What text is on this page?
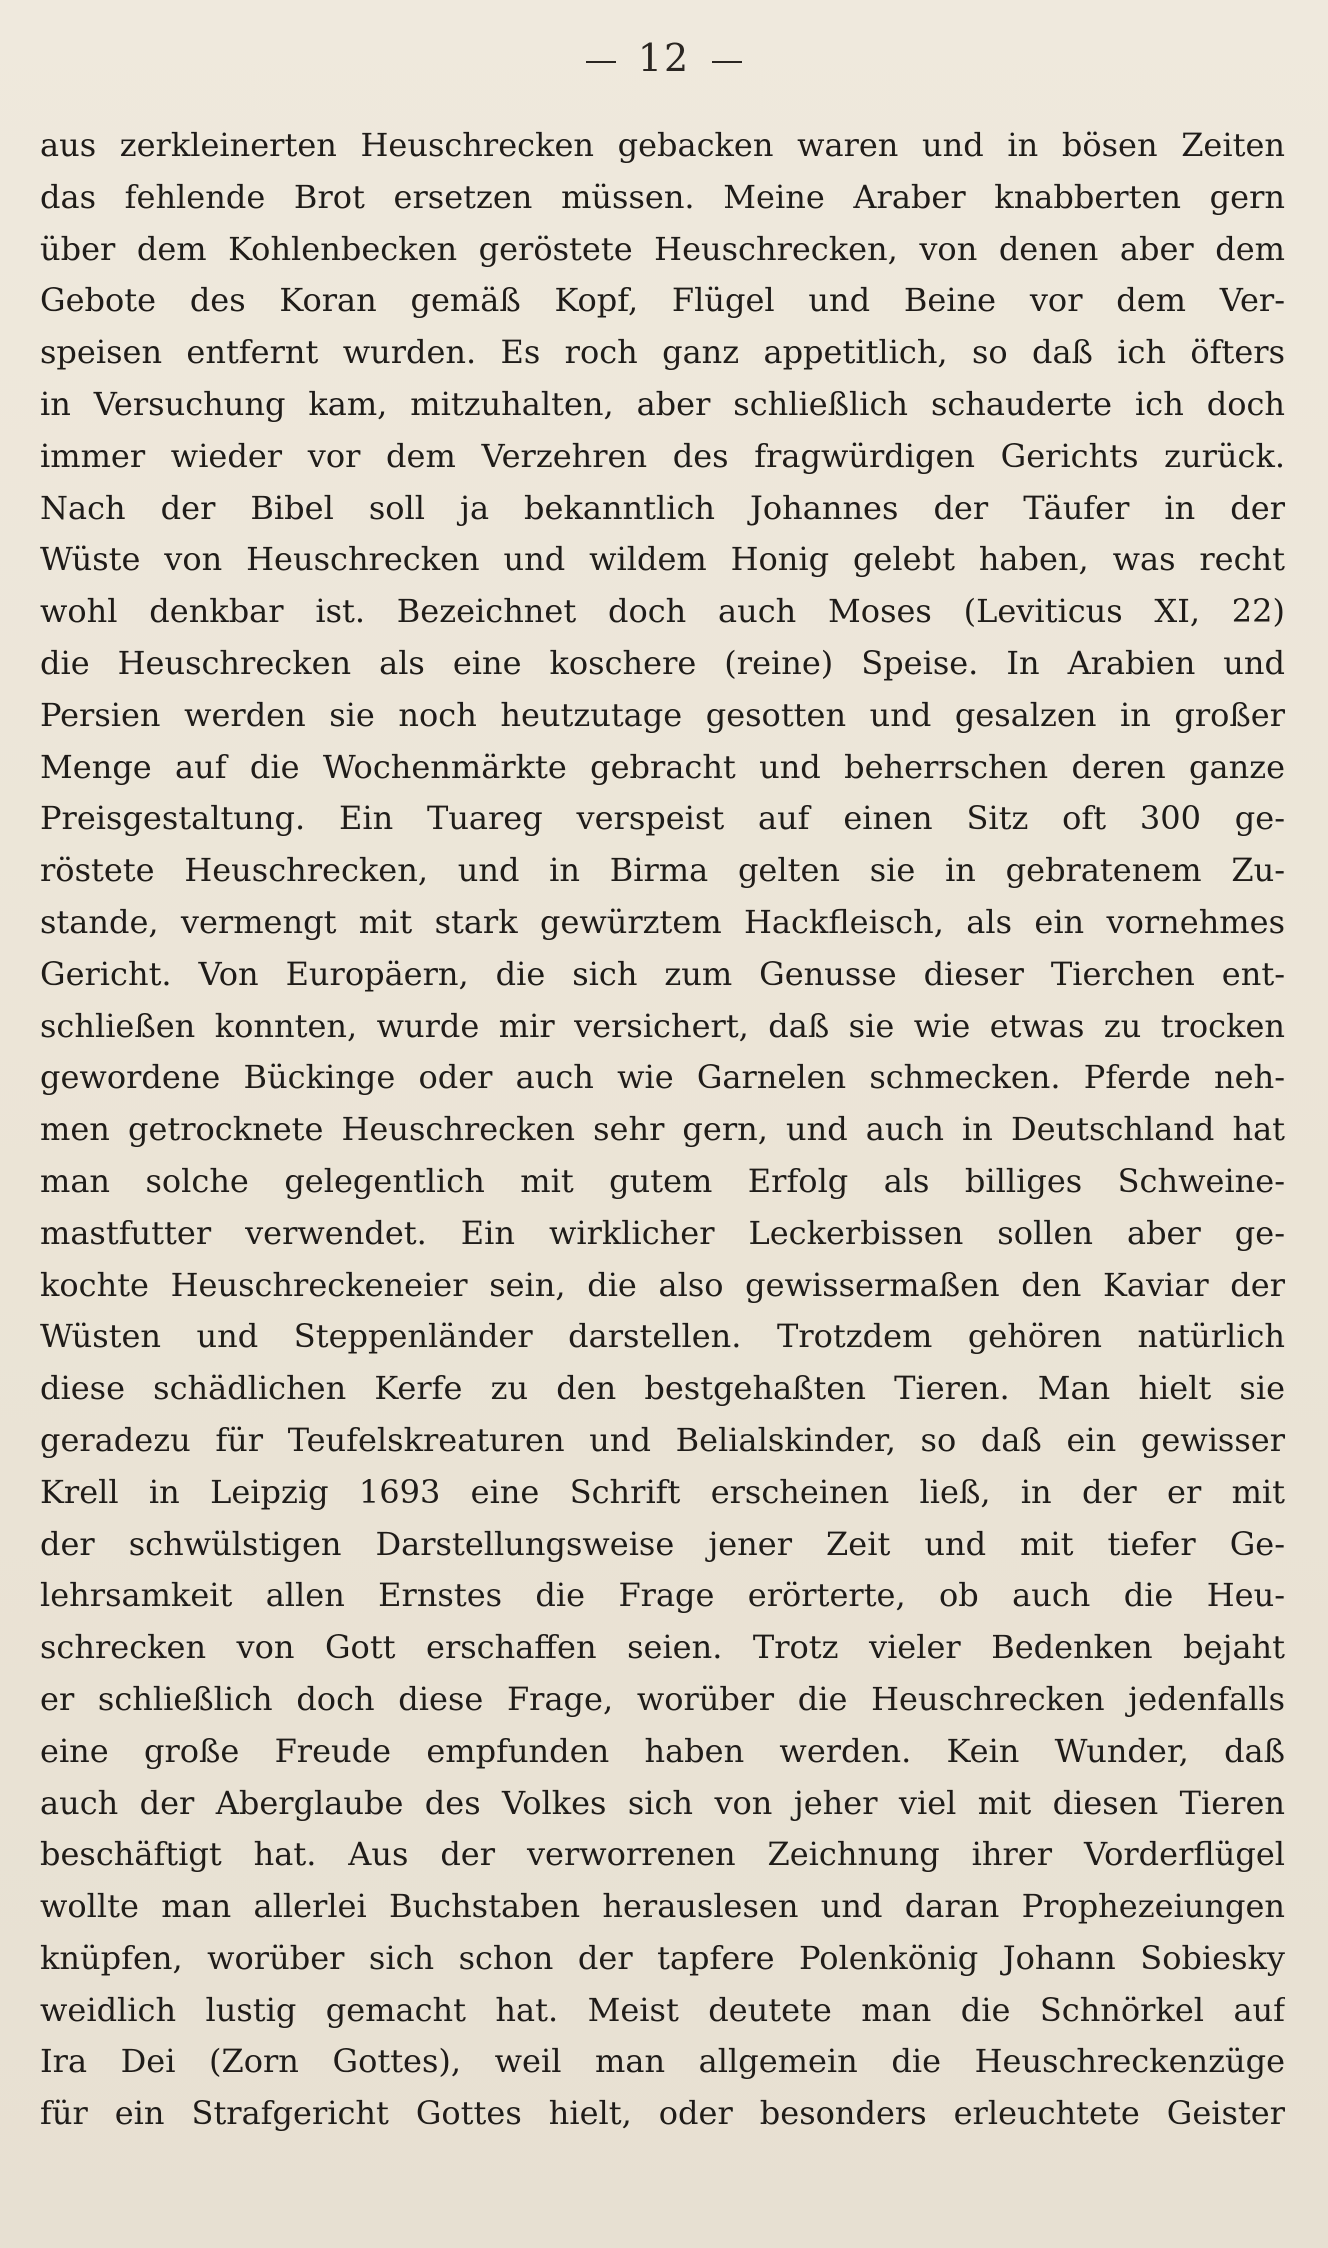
12
aus zerkleinerten Heuschrecken gebacken waren und in bösen Zeiten
das fehlende Brot ersetzen müssen. Meine Araber knabberten gern
über dem Kohlenbecken geröstete Heuschrecken, von denen aber dem
Gebote des Koran gemäß Kopf, Flügel und Beine vor dem Ver-
speisen entfernt wurden. Es roch ganz appetitlich, so daß ich öfters
in Versuchung kam, mitzuhalten, aber schließlich schauderte ich doch
immer wieder vor dem Verzehren des fragwürdigen Gerichts zurück.
Nach der Bibel soll ja bekanntlich Johannes der Täufer in der
Wüste von Heuschrecken und wildem Honig gelebt haben, was recht
wohl denkbar ist. Bezeichnet doch auch Moses (Leviticus XI, 22)
die Heuschrecken als eine koschere (reine) Speise. In Arabien und
Persien werden sie noch heutzutage gesotten und gesalzen in großer
Menge auf die Wochenmärkte gebracht und beherrschen deren ganze
Preisgestaltung. Ein Tuareg verspeist auf einen Sitz oft 300 ge-
röstete Heuschrecken, und in Birma gelten sie in gebratenem Zu-
stande, vermengt mit stark gewürztem Hackfleisch, als ein vornehmes
Gericht. Von Europäern, die sich zum Genusse dieser Tierchen ent-
schließen konnten, wurde mir versichert, daß sie wie etwas zu trocken
gewordene Bückinge oder auch wie Garnelen schmecken. Pferde neh-
men getrocknete Heuschrecken sehr gern, und auch in Deutschland hat
man solche gelegentlich mit gutem Erfolg als billiges Schweine-
mastfutter verwendet. Ein wirklicher Leckerbissen sollen aber ge-
kochte Heuschreckeneier sein, die also gewissermaßen den Kaviar der
Wüsten und Steppenländer darstellen. Trotzdem gehören natürlich
diese schädlichen Kerfe zu den bestgehaßten Tieren. Man hielt sie
geradezu für Teufelskreaturen und Belialskinder, so daß ein gewisser
Krell in Leipzig 1693 eine Schrift erscheinen ließ, in der er mit
der schwülstigen Darstellungsweise jener Zeit und mit tiefer Ge-
lehrsamkeit allen Ernstes die Frage erörterte, ob auch die Heu-
schrecken von Gott erschaffen seien. Trotz vieler Bedenken bejaht
er schließlich doch diese Frage, worüber die Heuschrecken jedenfalls
eine große Freude empfunden haben werden. Kein Wunder, daß
auch der Aberglaube des Volkes sich von jeher viel mit diesen Tieren
beschäftigt hat. Aus der verworrenen Zeichnung ihrer Vorderflügel
wollte man allerlei Buchstaben herauslesen und daran Prophezeiungen
knüpfen, worüber sich schon der tapfere Polenkönig Johann Sobiesky
weidlich lustig gemacht hat. Meist deutete man die Schnörkel auf
Ira Dei (Zorn Gottes), weil man allgemein die Heuschreckenzüge
für ein Strafgericht Gottes hielt, oder besonders erleuchtete Geister
